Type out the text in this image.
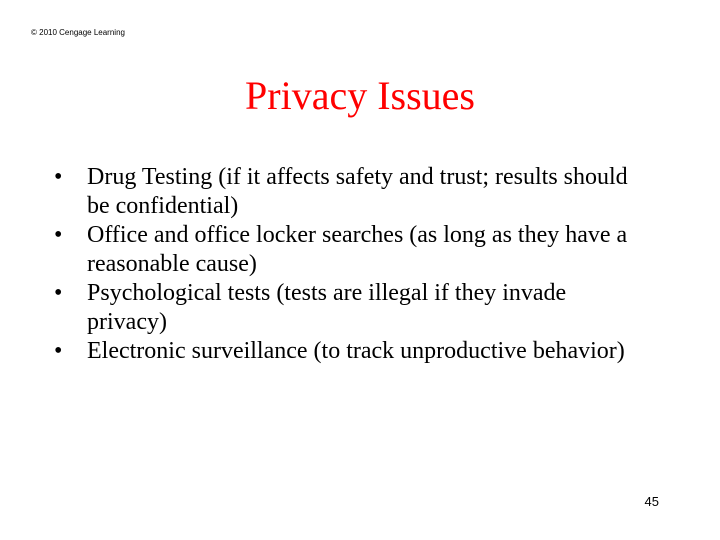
© 2010 Cengage Learning
Privacy Issues
• Drug Testing (if it affects safety and trust; results should be confidential)
• Office and office locker searches (as long as they have a reasonable cause)
• Psychological tests (tests are illegal if they invade privacy)
• Electronic surveillance (to track unproductive behavior)
45
